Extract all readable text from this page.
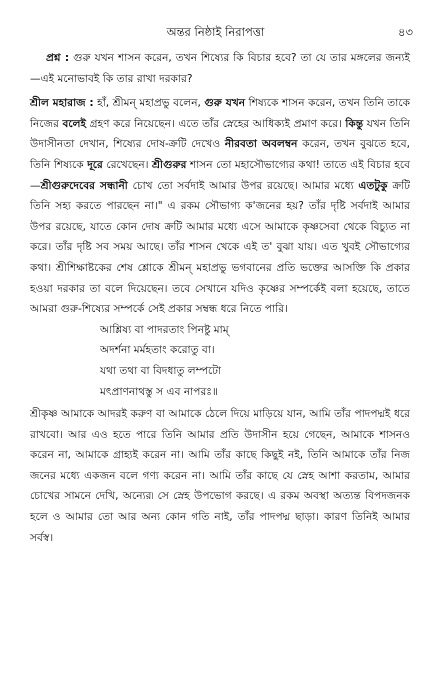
অন্তর নিষ্ঠাই নিরাপত্তা	৪৩

প্রশ্ন : গুরু যখন শাসন করেন, তখন শিষ্যের কি বিচার হবে? তা যে তার মঙ্গলের জন্যই—এই মনোভাবই কি তার রাখা দরকার?

শ্রীল মহারাজ : হাঁ, শ্রীমন্‌ মহাপ্রভু বলেন, গুরু যখন শিষ্যকে শাসন করেন, তখন তিনি তাকে নিজের বলেই গ্রহণ করে নিয়েছেন। এতে তাঁর স্নেহের আধিক্যই প্রমাণ করে। কিন্তু যখন তিনি উদাসীনতা দেখান, শিষ্যের দোষ-ক্রটি দেখেও নীরবতা অবলম্বন করেন, তখন বুঝতে হবে, তিনি শিষ্যকে দূরে রেখেছেন। শ্রীগুরুর শাসন তো মহাসৌভাগ্যের কথা! তাতে এই বিচার হবে—শ্রীগুরুদেবের সন্ধানী চোখ তো সর্বদাই আমার উপর রয়েছে। আমার মধ্যে এতটুকু ক্রটি তিনি সহ্য করতে পারছেন না।" এ রকম সৌভাগ্য ক'জনের হয়? তাঁর দৃষ্টি সর্বদাই আমার উপর রয়েছে, যাতে কোন দোষ ক্রটি আমার মধ্যে এসে আমাকে কৃষ্ণসেবা থেকে বিচ্যুত না করে। তাঁর দৃষ্টি সব সময় আছে। তাঁর শাসন খেকে এই ত' বুঝা যায়। এত খুবই সৌভাগ্যের কথা। শ্রীশিক্ষাষ্টকের শেষ শ্লোকে শ্রীমন্‌ মহাপ্রভু ভগবানের প্রতি ভক্তের আসক্তি কি প্রকার হওয়া দরকার তা বলে দিয়েছেন। তবে সেখানে যদিও কৃষ্ণের সম্পর্কেই বলা হয়েছে, তাতে আমরা গুরু-শিষ্যের সম্পর্কে সেই প্রকার সম্বন্ধ ধরে নিতে পারি।

আশ্লিষ্য বা পাদরতাং পিনষ্টু মাম্‌
অদর্শনা মর্মহতাং করোতু বা।
যথা তথা বা বিদধাতু লম্পটো
মৎপ্রাণনাথস্তু স এব নাপরঃ॥

শ্রীকৃষ্ণ আমাকে আদরই করুণ বা আমাকে ঠেলে দিয়ে মাড়িয়ে যান, আমি তাঁর পাদপদ্মই ধরে রাখবো। আর এও হতে পারে তিনি আমার প্রতি উদাসীন হয়ে গেছেন, আমাকে শাসনও করেন না, আমাকে গ্রাহ্যই করেন না। আমি তাঁর কাছে কিছুই নই, তিনি আমাকে তাঁর নিজ জনের মধ্যে একজন বলে গণ্য করেন না। আমি তাঁর কাছে যে স্নেহ আশা করতাম, আমার চোখের সামনে দেখি, অন্যের৷ সে স্নেহ উপভোগ করছে। এ রকম অবস্থা অত্যন্ত বিপদজনক হলে ও আমার তো আর অন্য কোন গতি নাই, তাঁর পাদপদ্ম ছাড়া। কারণ তিনিই আমার সর্বস্ব।
